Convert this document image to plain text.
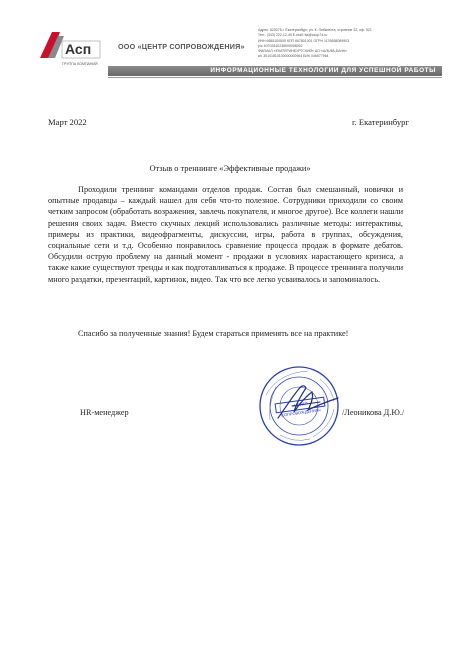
Асп
ГРУППА КОМПАНИЙ
ООО «ЦЕНТР СОПРОВОЖДЕНИЯ»
Адрес: 620075 г. Екатеринбург, ул. К. Либкнехта, строение 22, оф. 521
Тел.: (343) 222-12-49 E-mail: ita@csop74.ru
ИНН 6685100505 КПП 667801001 ОГРН 1176658089903
р/с 40702810238000008092
ФИЛИАЛ «ЕКАТЕРИНБУРГСКИЙ» АО «АЛЬФА-БАНК»
к/с 30101810100000000964 БИК 046577964
ИНФОРМАЦИОННЫЕ ТЕХНОЛОГИИ ДЛЯ УСПЕШНОЙ РАБОТЫ
Март 2022	г. Екатеринбург
Отзыв о треннинге «Эффективные продажи»

Проходили треннинг командами отделов продаж. Состав был смешанный, новички и опытные продавцы – каждый нашел для себя что-то полезное. Сотрудники приходили со своим четким запросом (обработать возражения, завлечь покупателя, и многое другое). Все коллеги нашли решения своих задач. Вместо скучных лекций использовались различные методы: интерактивы, примеры из практики, видеофрагменты, дискуссии, игры, работа в группах, обсуждения, социальные сети и т.д. Особенно понравилось сравнение процесса продаж в формате дебатов. Обсудили острую проблему на данный момент - продажи в условиях нарастающего кризиса, а также какие существуют тренды и как подготавливаться к продаже. В процессе треннинга получили много раздатки, презентаций, картинок, видео. Так что все легко усваивалось и запоминалось.

Спасибо за полученные знания! Будем стараться применять все на практике!
«ЦЕНТР СОПРОВОЖДЕНИЯ»
HR-менеджер	/Леоникова Д.Ю./
